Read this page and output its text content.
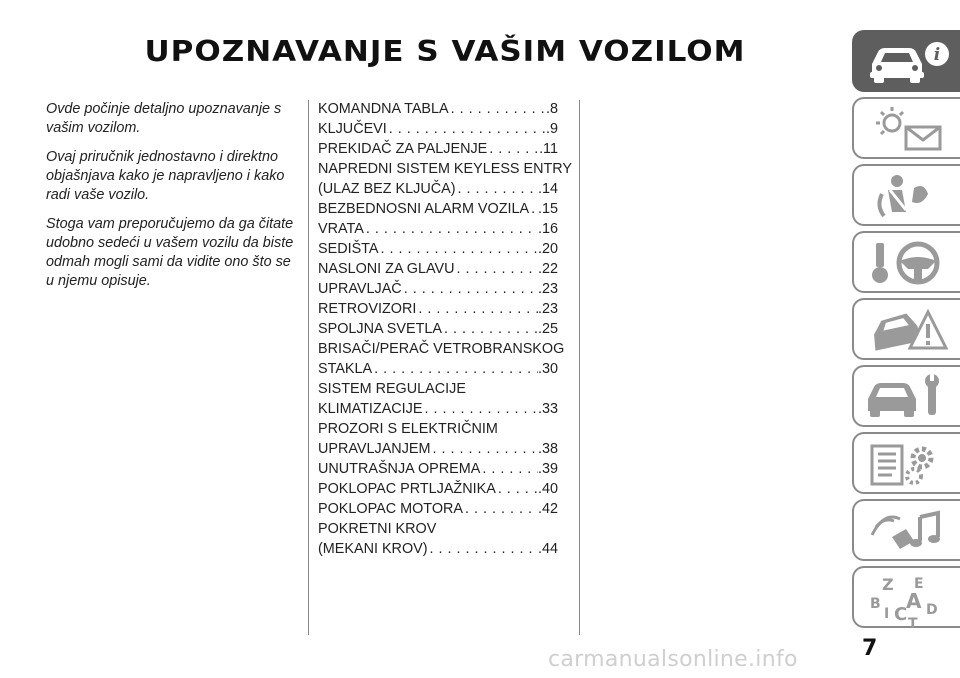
UPOZNAVANJE S VAŠIM VOZILOM

Ovde počinje detaljno upoznavanje s vašim vozilom.

Ovaj priručnik jednostavno i direktno objašnjava kako je napravljeno i kako radi vaše vozilo.

Stoga vam preporučujemo da ga čitate udobno sedeći u vašem vozilu da biste odmah mogli sami da vidite ono što se u njemu opisuje.

KOMANDNA TABLA . . .	.8
KLJUČEVI . . .	.9
PREKIDAČ ZA PALJENJE . . .	.11
NAPREDNI SISTEM KEYLESS ENTRY
(ULAZ BEZ KLJUČA) . . .	.14
BEZBEDNOSNI ALARM VOZILA . . . .15
VRATA . . .	.16
SEDIŠTA . . .	.20
NASLONI ZA GLAVU . . .	.22
UPRAVLJAČ . . .	.23
RETROVIZORI . . .	.23
SPOLJNA SVETLA . . .	.25
BRISAČI/PERAČ VETROBRANSKOG
STAKLA . . .	.30
SISTEM REGULACIJE
KLIMATIZACIJE . . .	.33
PROZORI S ELEKTRIČNIM
UPRAVLJANJEM . . .	.38
UNUTRAŠNJA OPREMA . . .	.39
POKLOPAC PRTLJAŽNIKA . . .	.40
POKLOPAC MOTORA . . .	.42
POKRETNI KROV
(MEKANI KROV) . . .	.44
i
Z E
A
B	D
I C T
7
carmanualsonline.info
